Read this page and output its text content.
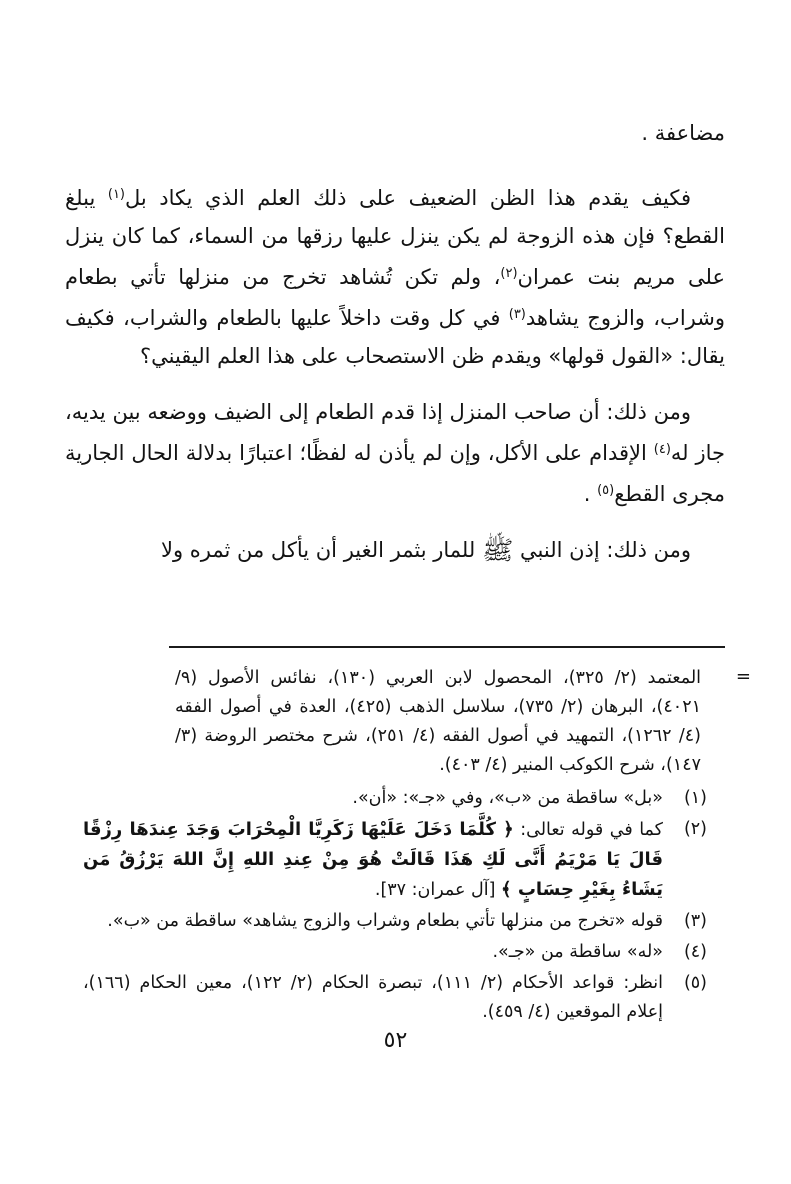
مضاعفة .

فكيف يقدم هذا الظن الضعيف على ذلك العلم الذي يكاد بل$^{(١)}$ يبلغ القطع؟ فإن هذه الزوجة لم يكن ينزل عليها رزقها من السماء، كما كان ينزل على مريم بنت عمران$^{(٢)}$، ولم تكن تُشاهد تخرج من منزلها تأتي بطعام وشراب، والزوج يشاهد$^{(٣)}$ في كل وقت داخلاً عليها بالطعام والشراب، فكيف يقال: «القول قولها» ويقدم ظن الاستصحاب على هذا العلم اليقيني؟

ومن ذلك: أن صاحب المنزل إذا قدم الطعام إلى الضيف ووضعه بين يديه، جاز له$^{(٤)}$ الإقدام على الأكل، وإن لم يأذن له لفظًا؛ اعتبارًا بدلالة الحال الجارية مجرى القطع$^{(٥)}$ .

ومن ذلك: إذن النبي ﷺ للمار بثمر الغير أن يأكل من ثمره ولا

=

المعتمد (٢/ ٣٢٥)، المحصول لابن العربي (١٣٠)، نفائس الأصول (٩/ ٤٠٢١)، البرهان (٢/ ٧٣٥)، سلاسل الذهب (٤٢٥)، العدة في أصول الفقه (٤/ ١٢٦٢)، التمهيد في أصول الفقه (٤/ ٢٥١)، شرح مختصر الروضة (٣/ ١٤٧)، شرح الكوكب المنير (٤/ ٤٠٣).

(١)
«بل» ساقطة من «ب»، وفي «جـ»: «أن».
(٢)
كما في قوله تعالى: ﴿ كُلَّمَا دَخَلَ عَلَيْهَا زَكَرِيَّا الْمِحْرَابَ وَجَدَ عِندَهَا رِزْقًا قَالَ يَا مَرْيَمُ أَنَّى لَكِ هَذَا قَالَتْ هُوَ مِنْ عِندِ اللهِ إِنَّ اللهَ يَرْزُقُ مَن يَشَاءُ بِغَيْرِ حِسَابٍ ﴾ [آل عمران: ٣٧].
(٣)
قوله «تخرج من منزلها تأتي بطعام وشراب والزوج يشاهد» ساقطة من «ب».
(٤)
«له» ساقطة من «جـ».
(٥)
انظر: قواعد الأحكام (٢/ ١١١)، تبصرة الحكام (٢/ ١٢٢)، معين الحكام (١٦٦)، إعلام الموقعين (٤/ ٤٥٩).
٥٢
